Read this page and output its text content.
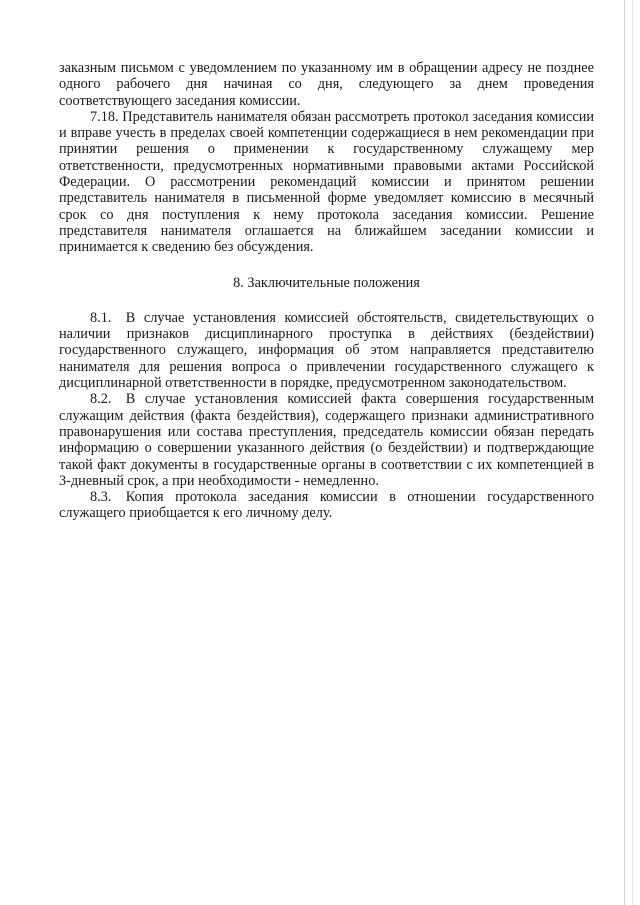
заказным письмом с уведомлением по указанному им в обращении адресу не позднее одного рабочего дня начиная со дня, следующего за днем проведения соответствующего заседания комиссии.

7.18. Представитель нанимателя обязан рассмотреть протокол заседания комиссии и вправе учесть в пределах своей компетенции содержащиеся в нем рекомендации при принятии решения о применении к государственному служащему мер ответственности, предусмотренных нормативными правовыми актами Российской Федерации. О рассмотрении рекомендаций комиссии и принятом решении представитель нанимателя в письменной форме уведомляет комиссию в месячный срок со дня поступления к нему протокола заседания комиссии. Решение представителя нанимателя оглашается на ближайшем заседании комиссии и принимается к сведению без обсуждения.

8. Заключительные положения

8.1. В случае установления комиссией обстоятельств, свидетельствующих о наличии признаков дисциплинарного проступка в действиях (бездействии) государственного служащего, информация об этом направляется представителю нанимателя для решения вопроса о привлечении государственного служащего к дисциплинарной ответственности в порядке, предусмотренном законодательством.

8.2. В случае установления комиссией факта совершения государственным служащим действия (факта бездействия), содержащего признаки административного правонарушения или состава преступления, председатель комиссии обязан передать информацию о совершении указанного действия (о бездействии) и подтверждающие такой факт документы в государственные органы в соответствии с их компетенцией в 3-дневный срок, а при необходимости - немедленно.

8.3. Копия протокола заседания комиссии в отношении государственного служащего приобщается к его личному делу.
